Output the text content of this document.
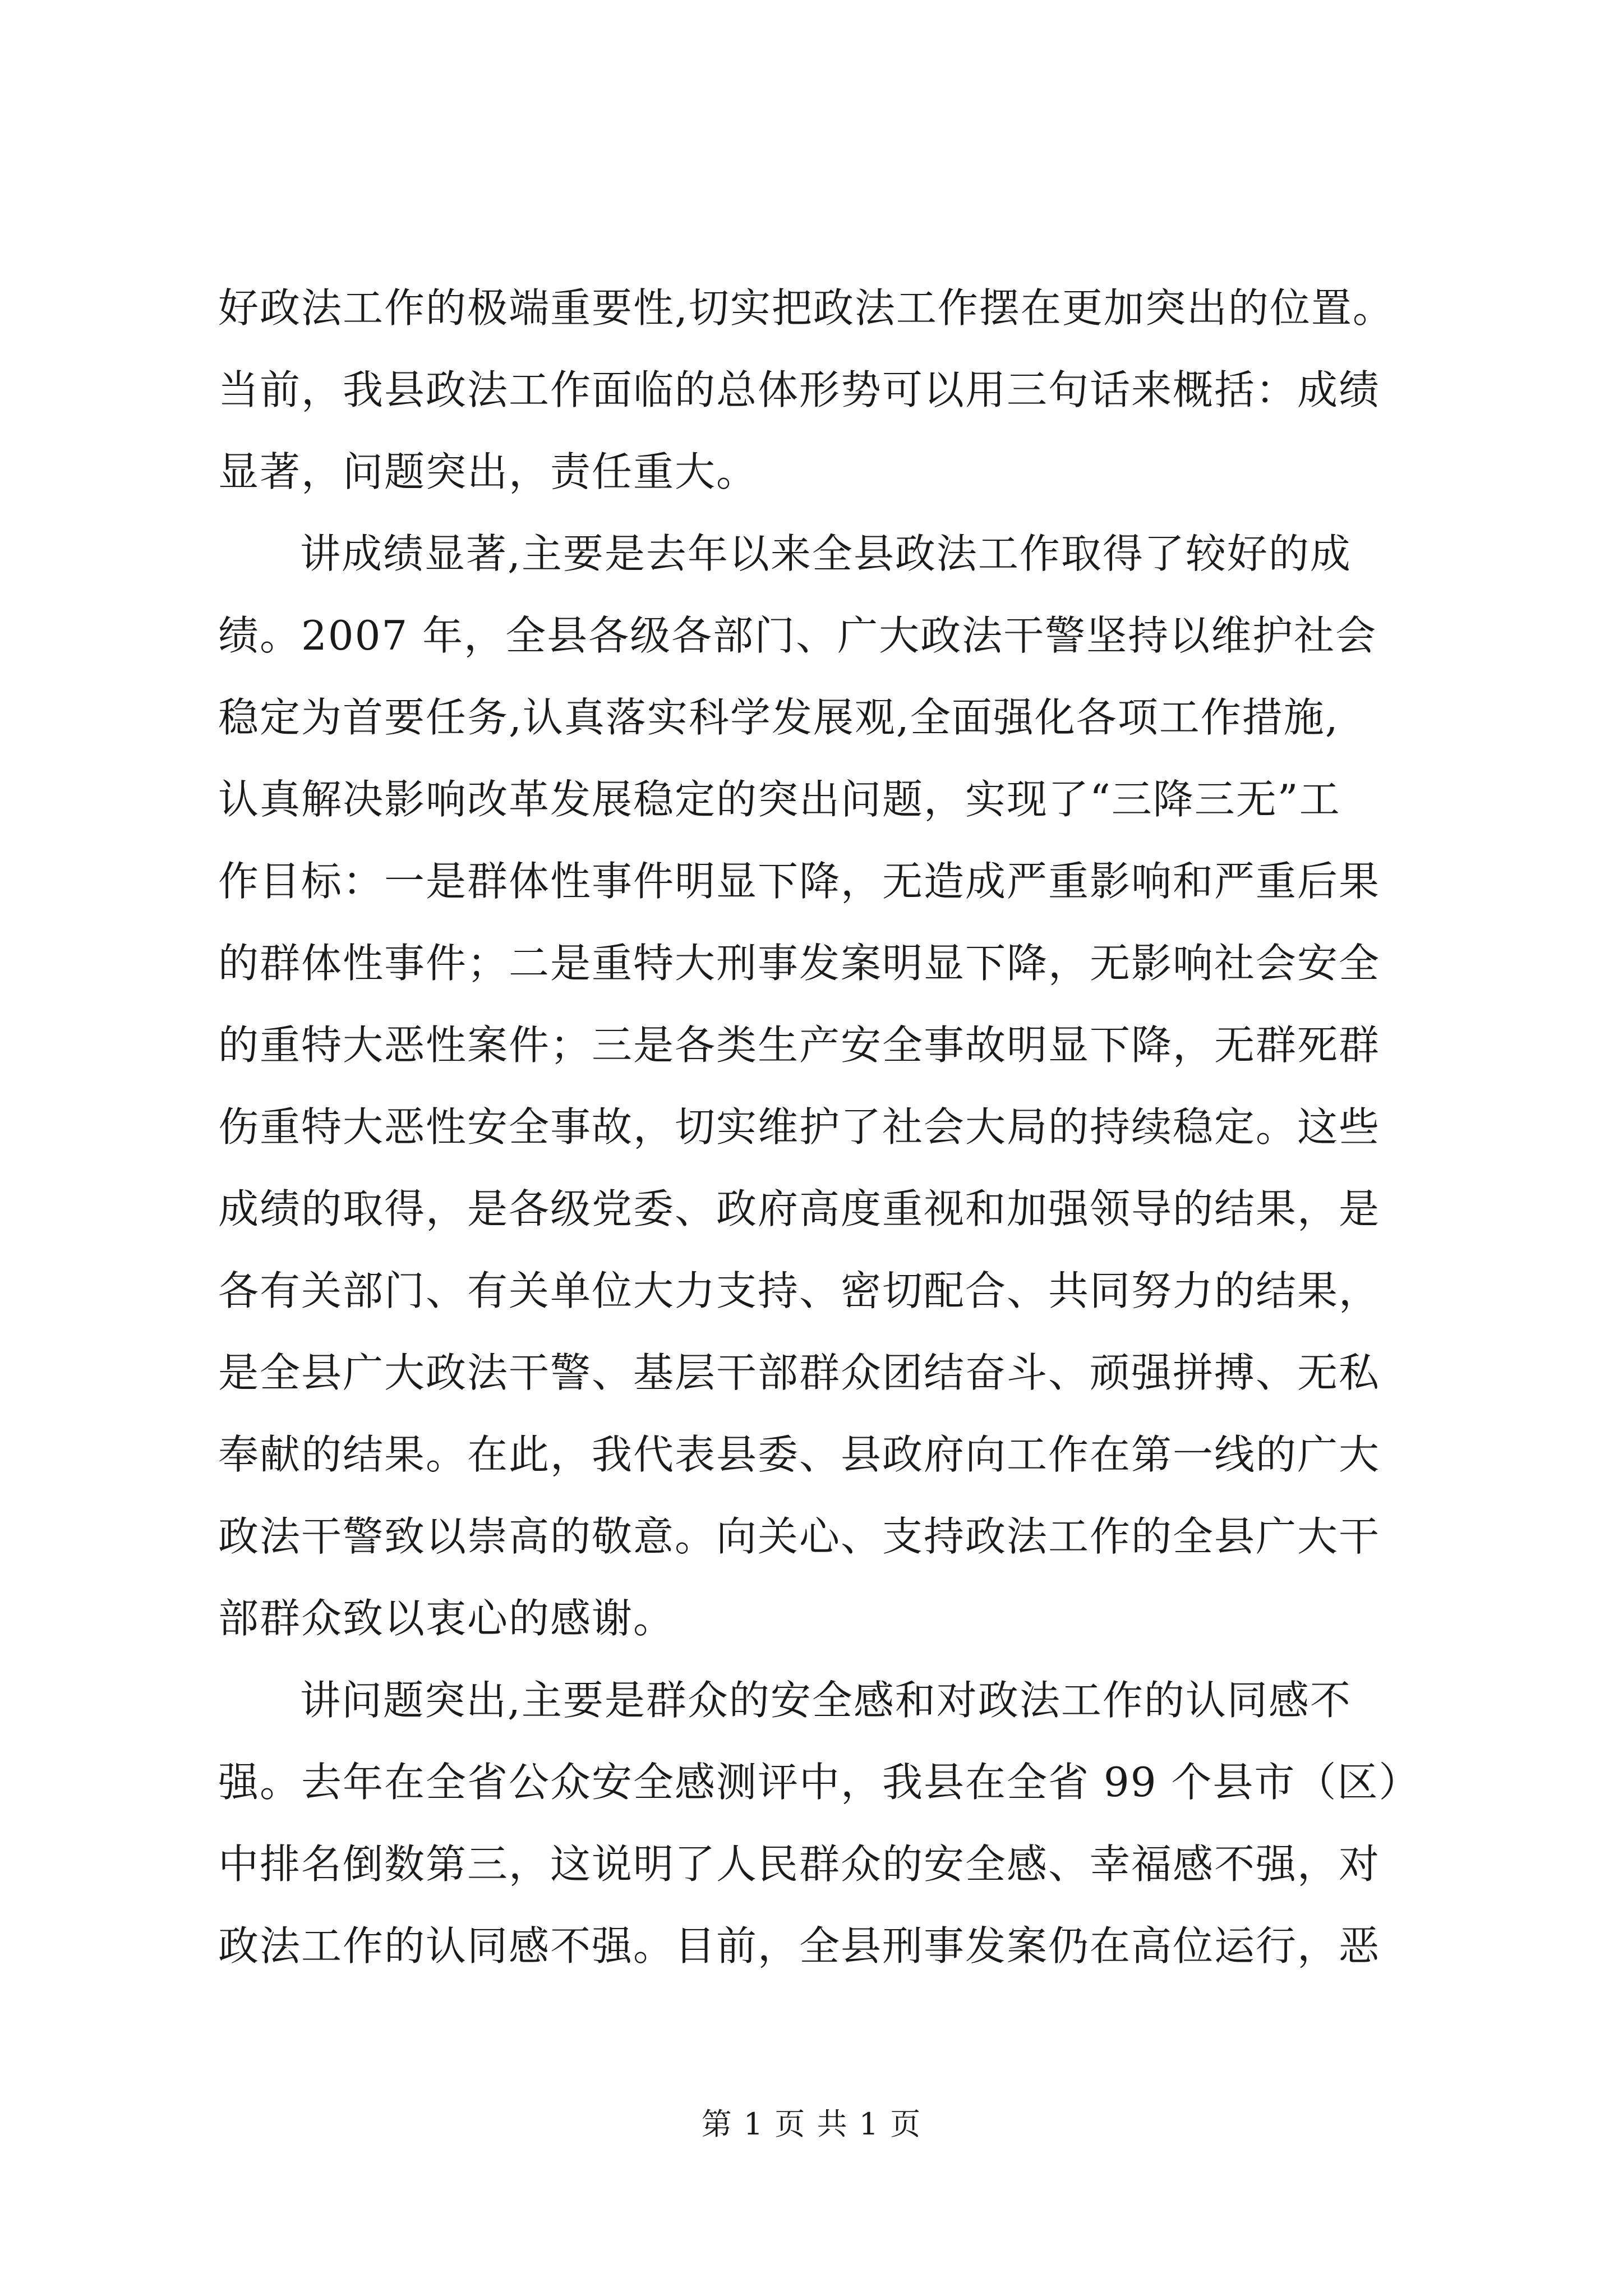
好政法工作的极端重要性,切实把政法工作摆在更加突出的位置。
当前，我县政法工作面临的总体形势可以用三句话来概括：成绩
显著，问题突出，责任重大。
讲成绩显著,主要是去年以来全县政法工作取得了较好的成
绩。2007 年，全县各级各部门、广大政法干警坚持以维护社会
稳定为首要任务,认真落实科学发展观,全面强化各项工作措施,
认真解决影响改革发展稳定的突出问题，实现了“三降三无”工
作目标：一是群体性事件明显下降，无造成严重影响和严重后果
的群体性事件；二是重特大刑事发案明显下降，无影响社会安全
的重特大恶性案件；三是各类生产安全事故明显下降，无群死群
伤重特大恶性安全事故，切实维护了社会大局的持续稳定。这些
成绩的取得，是各级党委、政府高度重视和加强领导的结果，是
各有关部门、有关单位大力支持、密切配合、共同努力的结果，
是全县广大政法干警、基层干部群众团结奋斗、顽强拼搏、无私
奉献的结果。在此，我代表县委、县政府向工作在第一线的广大
政法干警致以崇高的敬意。向关心、支持政法工作的全县广大干
部群众致以衷心的感谢。
讲问题突出,主要是群众的安全感和对政法工作的认同感不
强。去年在全省公众安全感测评中，我县在全省 99 个县市（区）
中排名倒数第三，这说明了人民群众的安全感、幸福感不强，对
政法工作的认同感不强。目前，全县刑事发案仍在高位运行，恶
第 1 页 共 1 页
